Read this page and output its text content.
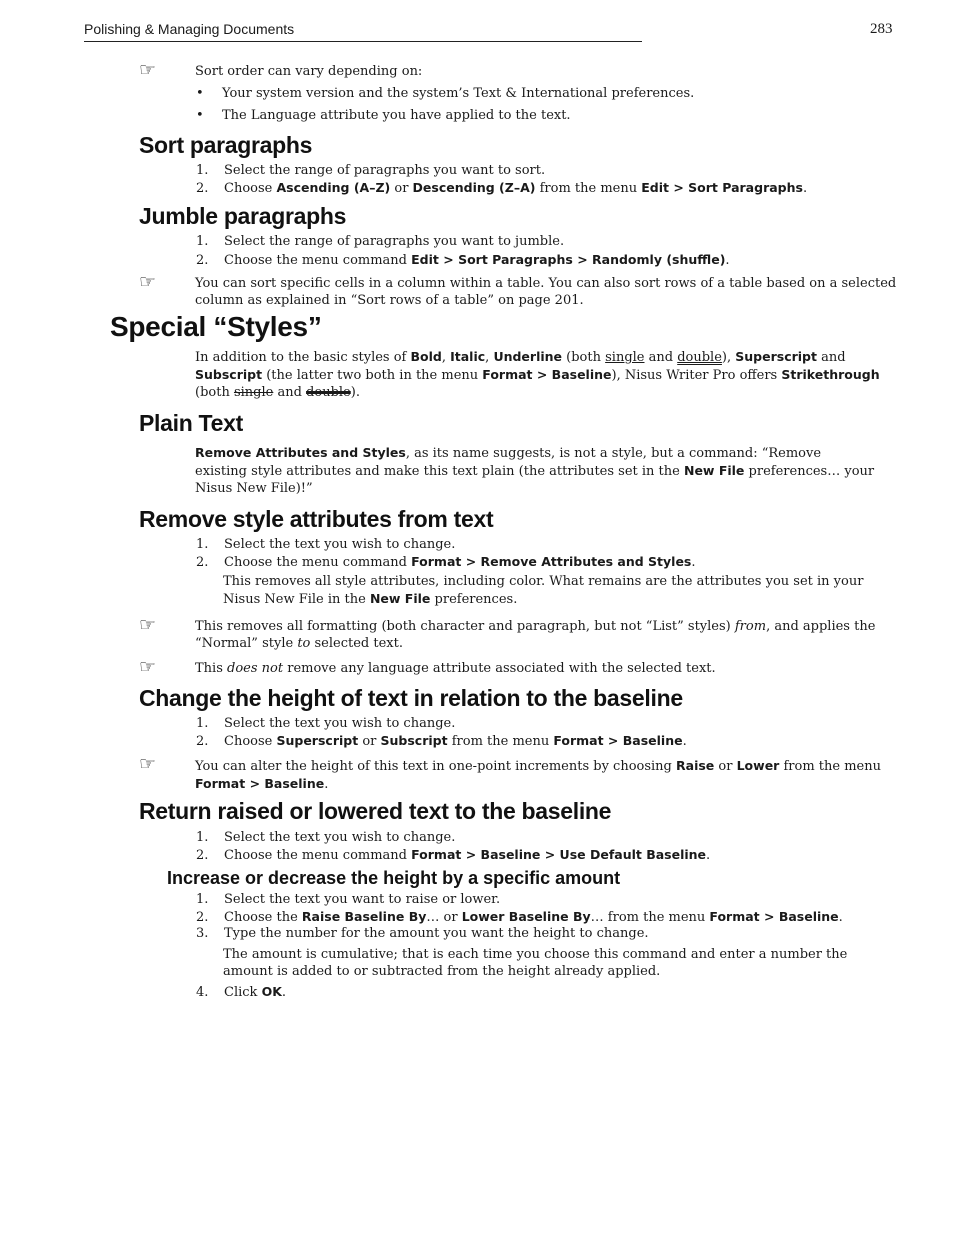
Polishing & Managing Documents	283
☞	Sort order can vary depending on:
• Your system version and the system’s Text & International preferences.
• The Language attribute you have applied to the text.
Sort paragraphs
1. Select the range of paragraphs you want to sort.
2. Choose Ascending (A–Z) or Descending (Z–A) from the menu Edit > Sort Paragraphs.
Jumble paragraphs
1. Select the range of paragraphs you want to jumble.
2. Choose the menu command Edit > Sort Paragraphs > Randomly (shuffle).
☞	You can sort specific cells in a column within a table. You can also sort rows of a table based on a selected column as explained in “Sort rows of a table” on page 201.
Special “Styles”
In addition to the basic styles of Bold, Italic, Underline (both single and double), Superscript and Subscript (the latter two both in the menu Format > Baseline), Nisus Writer Pro offers Strikethrough (both single and double).
Plain Text
Remove Attributes and Styles, as its name suggests, is not a style, but a command: “Remove existing style attributes and make this text plain (the attributes set in the New File preferences… your Nisus New File)!”
Remove style attributes from text
1. Select the text you wish to change.
2. Choose the menu command Format > Remove Attributes and Styles.
This removes all style attributes, including color. What remains are the attributes you set in your Nisus New File in the New File preferences.
☞	This removes all formatting (both character and paragraph, but not “List” styles) from, and applies the “Normal” style to selected text.
☞	This does not remove any language attribute associated with the selected text.
Change the height of text in relation to the baseline
1. Select the text you wish to change.
2. Choose Superscript or Subscript from the menu Format > Baseline.
☞	You can alter the height of this text in one-point increments by choosing Raise or Lower from the menu Format > Baseline.
Return raised or lowered text to the baseline
1. Select the text you wish to change.
2. Choose the menu command Format > Baseline > Use Default Baseline.
Increase or decrease the height by a specific amount
1. Select the text you want to raise or lower.
2. Choose the Raise Baseline By… or Lower Baseline By… from the menu Format > Baseline.
3. Type the number for the amount you want the height to change.
The amount is cumulative; that is each time you choose this command and enter a number the amount is added to or subtracted from the height already applied.
4. Click OK.
